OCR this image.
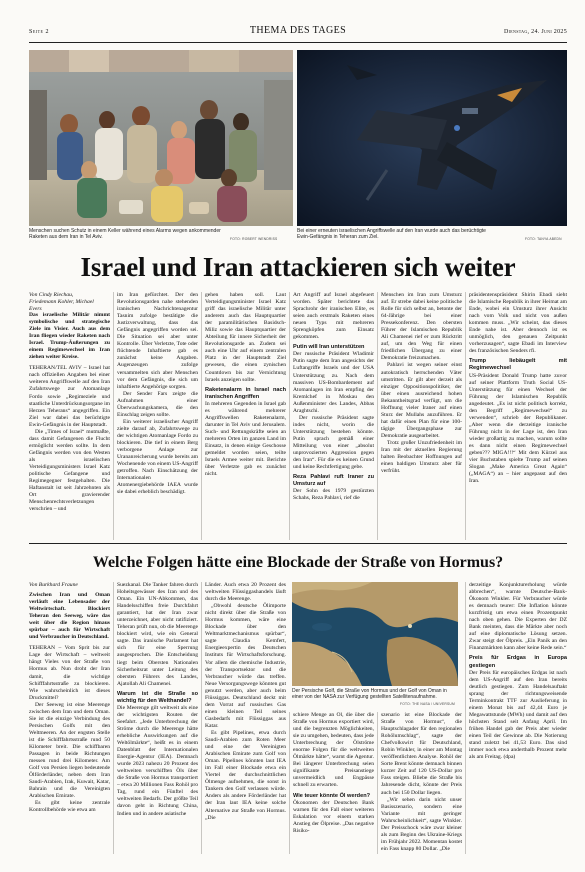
Seite 2	THEMA DES TAGES	Dienstag, 24. Juni 2025
Menschen suchen Schutz in einem Keller während eines Alarms wegen ankommender Raketen aus dem Iran in Tel Aviv.	FOTO: ROBERT WENDRISS
Bei einer erneuten israelischen Angriffswelle auf den Iran wurde auch das berüchtigte Ewin-Gefängnis in Teheran zum Ziel.	FOTO: TANYA ABEDN
Israel und Iran attackieren sich weiter
Von Cindy Riechau,
Friedemann Kohler, Michael Evers

Das israelische Militär nimmt symbolische und strategische Ziele im Visier. Auch aus dem Iran fliegen wieder Raketen nach Israel. Trump-Äußerungen zu einem Regimewechsel im Iran ziehen weiter Kreise.

TEHERAN/TEL AVIV – Israel hat nach offiziellen Angaben bei einer weiteren Angriffswelle auf den Iran Zufahrtswege zur Atomanlage Fordo sowie „Regimeziele und staatliche Unterdrückungsorgane im Herzen Teherans“ angegriffen. Ein Ziel war dabei das berüchtigte Ewin-Gefängnis in der Hauptstadt.

Die „Times of Israel“ mutmaßte, dass damit Gefangenen die Flucht ermöglicht werden sollte. In dem Gefängnis werden von den Westen als israelischen Verteidigungsministers Israel Katz politische Gefangene und Regimegegner festgehalten. Die Haftanstalt ist seit Jahrzehnten als Ort gravierender Menschenrechtsverletzungen verschrien – und

im Iran gefürchtet. Der den Revolutionsgarden nahe stehenden iranischen Nachrichtenagentur Tasnim zufolge bestätigte die Justizverwaltung, dass das Gefängnis angegriffen worden sei. Die Situation sei aber unter Kontrolle. Über Verletzte, Tote oder flüchtende Inhaftierte gab es zunächst keine Angaben. Augenzeugen zufolge versammelten sich aber Menschen vor dem Gefängnis, die sich um inhaftierte Angehörige sorgten.

Der Sender Fars zeigte die Aufnahmen einer Überwachungskamera, die den Einschlag zeigen sollte.

Ein weiterer israelischer Angriff zielte darauf ab, Zufahrtswege zu der wichtigen Atomanlage Fordo zu blockieren. Die tief in einem Berg verborgene Anlage zur Urananreicherung wurde bereits am Wochenende von einem US-Angriff getroffen. Nach Einschätzung der Internationalen Atomenergiebehörde IAEA wurde sie dabei erheblich beschädigt.

gehen haben soll. Laut Verteidigungsminister Israel Katz griff das israelische Militär unter anderem auch das Hauptquartier der paramilitärischen Basidsch-Miliz sowie das Hauptquartier der Abteilung für innere Sicherheit der Revolutionsgarde an. Zudem sei auch eine Uhr auf einem zentralen Platz in der Hauptstadt Ziel gewesen, die einen zynischen Countdown bis zur Vernichtung Israels anzeigen sollte.

Raketenalarm in Israel nach iranischen Angriffen

In mehreren Gegenden in Israel gab es während mehrerer Angriffswellen Raketenalarm, darunter in Tel Aviv und Jerusalem. Such- und Rettungskräfte seien an mehreren Orten im ganzen Land im Einsatz, in denen einige Geschosse gemeldet worden seien, teilte Israels Armee weiter mit. Berichte über Verletzte gab es zunächst nicht.

Art Angriff auf Israel abgefeuert worden. Später berichtete das Sprachrohr der iranischen Elite, es seien auch erstmals Raketen eines neuen Typs mit mehreren Sprengköpfen zum Einsatz gekommen.

Putin will Iran unterstützen

Der russische Präsident Wladimir Putin sagte dem Iran angesichts der Luftangriffe Israels und der USA Unterstützung zu. Nach dem massiven US-Bombardement auf Atomanlagen im Iran empfing der Kremlchef in Moskau den Außenminister des Landes, Abbas Araghtschi.

Der russische Präsident sagte indes nicht, worin die Unterstützung bestehen könnte. Putin sprach gemäß einer Mitteilung von einer „absolut unprovozierten Aggression gegen den Iran“. Für die es keinen Grund und keine Rechtfertigung gebe.

Reza Pahlavi ruft Iraner zu Umsturz auf

Der Sohn des 1979 gestürzten Schahs, Reza Pahlavi, rief die

Menschen im Iran zum Umsturz auf. Er strebe dabei keine politische Rolle für sich selbst an, betonte der 64-Jährige bei einer Pressekonferenz. Den obersten Führer der Islamischen Republik Ali Chamenei rief er zum Rücktritt auf, um den Weg für einen friedlichen Übergang zu einer Demokratie freizumachen.

Pahlavi ist wegen seiner einst autokratisch herrschenden Väter umstritten. Er gilt aber derzeit als einziger Oppositionspolitiker, der über einen ausreichend hohen Bekanntheitsgrad verfügt, um die Hoffnung vieler Iraner auf einen Sturz der Mullahs anzuführen. Er hat dafür einen Plan für eine 100-tägige Übergangsphase zur Demokratie ausgearbeitet.

Trotz großer Unzufriedenheit im Iran mit der aktuellen Regierung halten Beobachter Hoffnungen auf einen baldigen Umsturz aber für verfrüht.

präsidentenspräsident Shirin Ebadi sieht die Islamische Republik in ihrer Heimat am Ende, wobei ein Umsturz ihrer Ansicht nach vom Volk und nicht von außen kommen muss. „Wir scheint, das dieses Ende nahe ist. Aber dennoch ist es unmöglich, den genauen Zeitpunkt vorherzusagen“, sagte Ebadi im Interview des französischen Senders rfi.

Trump liebäugelt mit Regimewechsel

US-Präsident Donald Trump hatte zuvor auf seiner Plattform Truth Social US-Unterstützung für einen Wechsel der Führung der Islamischen Republik angedeutet. „Es ist nicht politisch korrekt, den Begriff „Regimewechsel“ zu verwenden“, schrieb der Republikaner. „Aber wenn die derzeitige iranische Führung nicht in der Lage ist, den Iran wieder großartig zu machen, warum sollte es dann nicht einen Regimewechsel geben??? MIGA!!!“ Mit dem Kürzel aus vier Buchstaben spielte Trump auf seinen Slogan „Make America Great Again“ („MAGA“) an – hier angepasst auf den Iran.

Welche Folgen hätte eine Blockade der Straße von Hormus?
Von Burkhard Fraune

Zwischen Iran und Oman verläuft eine Lebensader der Weltwirtschaft. Blockiert Teheran den Seeweg, wäre das weit über die Region hinaus spürbar – auch für Wirtschaft und Verbraucher in Deutschland.

TEHERAN – Vom Sprit bis zur Lage der Wirtschaft – weltweit hängt Vieles von der Straße von Hormus ab. Nun droht der Iran damit, die wichtige Schifffahrtsstraße zu blockieren. Wie wahrscheinlich ist dieses Druckmittel?

Der Seeweg ist eine Meerenge zwischen dem Iran und dem Oman. Sie ist die einzige Verbindung des Persischen Golfs mit den Weltmeeren. An der engsten Stelle ist die Schifffahrtsstraße rund 50 Kilometer breit. Die schiffbaren Passagen in beide Richtungen messen rund drei Kilometer. Am Golf von Persien liegen bedeutende Ölförderländer, neben dem Iran Saudi-Arabien, Irak, Kuwait, Katar, Bahrain und die Vereinigten Arabischen Emirate.

Es gibt keine zentrale Kontrollbehörde wie etwa am

Suezkanal. Die Tanker fahren durch Hoheitsgewässer des Iran und des Oman. Ein UN-Abkommen, das Handelsschiffen freie Durchfahrt garantiert, hat der Iran zwar unterzeichnet, aber nicht ratifiziert. Teheran prüft nun, ob die Meerenge blockiert wird, wie ein General sagte. Das iranische Parlament hat sich für eine Sperrung ausgesprochen. Die Entscheidung liegt beim Obersten Nationalen Sicherheitsrat unter Leitung des obersten Führers des Landes, Ajatollah Ali Chamenei.

Warum ist die Straße so wichtig für den Welthandel?

Die Meerenge gilt weltweit als eine der wichtigsten Routen der Seefahrt. „Jede Unterbrechung der Ströme durch die Meerenge hätte erhebliche Auswirkungen auf die Weltölmärkte“, heißt es in einem Datenblatt der Internationalen Energie-Agentur (IEA). Demnach wurde 2023 nahezu 20 Prozent des weltweiten verschifften Öls über die Straße von Hormus transportiert – etwa 20 Millionen Fass Rohöl pro Tag, rund ein Fünftel des weltweiten Bedarfs. Der größte Teil davon geht in Richtung China, Indien und in andere asiatische

Länder. Auch etwa 20 Prozent des weltweiten Flüssiggashandels läuft durch die Meerenge.

„Obwohl deutsche Ölimporte nicht direkt über die Straße von Hormus kommen, wäre eine Blockade über den Weltmarktmechanismus spürbar“, sagte Claudia Kemfert, Energieexpertin des Deutschen Instituts für Wirtschaftsforschung. Vor allem die chemische Industrie, der Transportsektor und die Verbraucher würde das treffen. Neue Versorgungswege könnten gut genutzt werden, aber auch beim Flüssiggas. Deutschland deckt mit dem Vorrat auf russisches Gas einen kleinen Teil seines Gasbedarfs mit Flüssiggas aus Katar.

Es gibt Pipelines, etwa durch Saudi-Arabien zum Roten Meer und eine der Vereinigten Arabischen Emirate zum Golf von Oman. Pipelines könnten laut IEA im Fall einer Blockade etwa ein Viertel der durchschnittlichen Ölmenge aufnehmen, die sonst in Tankern den Golf verlassen würde. Anders als andere Förderländer hat der Iran laut IEA keine solche Alternative zur Straße von Hormus. „Die

Der Persische Golf, die Straße von Hormus und der Golf von Oman in einer von der NASA zur Verfügung gestellten Satellitenaufnahme.
FOTO: THE NASA / UNIVERSUM

schiere Menge an Öl, die über die Straße von Hormus exportiert wird, und die begrenzten Möglichkeiten, sie zu umgehen, bedeuten, dass jede Unterbrechung der Ölströme enorme Folgen für die weltweiten Ölmärkte hätte“, warnt die Agentur. Bei längerer Unterbrechung seien signifikante Preisanstiege unvermeidlich und Engpässe schnell zu erwarten.

Wie teuer könnte Öl werden?

Ökonomen der Deutschen Bank warnen für den Fall einer weiteren Eskalation vor einem starken Anstieg der Ölpreise. „Das negative Risiko-

szenario ist eine Blockade der Straße von Hormus“, die Hauptschlagader für den regionalen Rohölumschlag“, sagte der Chefvolkswirt für Deutschland, Robin Winkler, in einer am Montag veröffentlichten Analyse. Rohöl der Sorte Brent könnte demnach binnen kurzer Zeit auf 120 US-Dollar pro Fass steigen. Bliebe die Straße bis Jahresende dicht, könnte der Preis auch bei 150 Dollar liegen.

„Wir sehen darin nicht unser Basisszenario, sondern eine Variante mit geringer Wahrscheinlichkeit“, sagte Winkler. Der Preisschock wäre zwar kleiner als zum Beginn des Ukraine-Kriegs im Frühjahr 2022. Momentan kostet ein Fass knapp 80 Dollar. „Die

derzeitige Konjunkturerholung würde abbrechen“, warnte Deutsche-Bank-Ökonom Winkler. Für Verbraucher würde es demnach teurer: Die Inflation könnte kurzfristig um etwa einen Prozentpunkt nach oben gehen. Die Experten der DZ Bank meinten, dass die Märkte aber noch auf eine diplomatische Lösung setzen. Zwar steigt der Ölpreis. „Ein Panik an den Finanzmärkten kann aber keine Rede sein.“

Preis für Erdgas in Europa gestiegen

Der Preis für europäisches Erdgas ist nach dem US-Angriff auf den Iran bereits deutlich gestiegen. Zum Handelsauftakt sprang der richtungsweisende Terminkontrakt TTF zur Auslieferung in einem Monat bis auf 42,44 Euro je Megawattstunde (MWh) und damit auf den höchsten Stand seit Anfang April. Im frühen Handel gab der Preis aber wieder einen Teil der Gewinne ab. Die Notierung stand zuletzt bei 41,53 Euro. Das sind immer noch etwa anderthalb Prozent mehr als am Freitag. (dpa)
